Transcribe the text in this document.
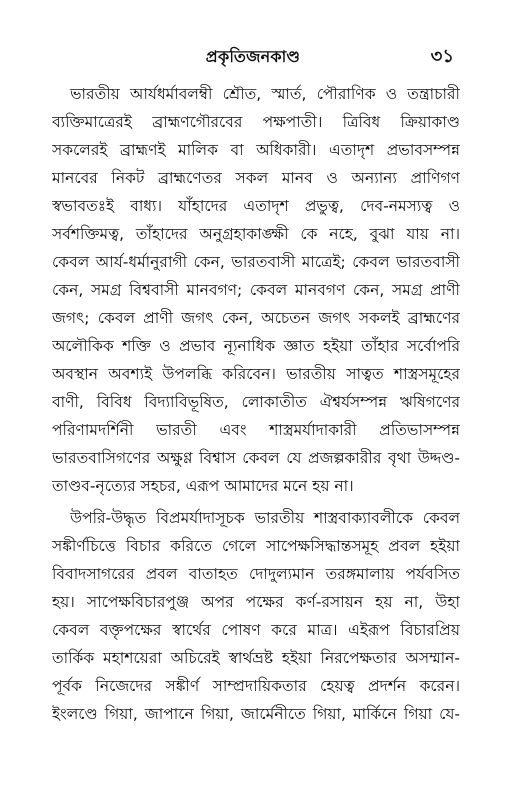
প্রকৃতিজনকাণ্ড	৩১
ভারতীয় আর্যধর্মাবলম্বী শ্রৌত, স্মার্ত, পৌরাণিক ও তন্ত্রাচারী
ব্যক্তিমাত্রেরই ব্রাহ্মণগৌরবের পক্ষপাতী। ত্রিবিধ ক্রিয়াকাণ্ড
সকলেরই ব্রাহ্মণই মালিক বা অধিকারী। এতাদৃশ প্রভাবসম্পন্ন
মানবের নিকট ব্রাহ্মণেতর সকল মানব ও অন্যান্য প্রাণিগণ
স্বভাবতঃই বাধ্য। যাঁহাদের এতাদৃশ প্রভুত্ব, দেব-নমস্যত্ব ও
সর্বশক্তিমত্ব, তাঁহাদের অনুগ্রহাকাঙ্ক্ষী কে নহে, বুঝা যায় না।
কেবল আর্য-ধর্মানুরাগী কেন, ভারতবাসী মাত্রেই; কেবল ভারতবাসী
কেন, সমগ্র বিশ্ববাসী মানবগণ; কেবল মানবগণ কেন, সমগ্র প্রাণী
জগৎ; কেবল প্রাণী জগৎ কেন, অচেতন জগৎ সকলই ব্রাহ্মণের
অলৌকিক শক্তি ও প্রভাব ন্যূনাধিক জ্ঞাত হইয়া তাঁহার সর্বোপরি
অবস্থান অবশ্যই উপলব্ধি করিবেন। ভারতীয় সাত্বত শাস্ত্রসমূহের
বাণী, বিবিধ বিদ্যাবিভূষিত, লোকাতীত ঐশ্বর্যসম্পন্ন ঋষিগণের
পরিণামদর্শিনী ভারতী এবং শাস্ত্রমর্যাদাকারী প্রতিভাসম্পন্ন
ভারতবাসিগণের অক্ষুণ্ণ বিশ্বাস কেবল যে প্রজল্পকারীর বৃথা উদ্দণ্ড-
তাণ্ডব-নৃত্যের সহচর, এরূপ আমাদের মনে হয় না।
উপরি-উদ্ধৃত বিপ্রমর্যাদাসূচক ভারতীয় শাস্ত্রবাক্যাবলীকে কেবল
সঙ্কীর্ণচিত্তে বিচার করিতে গেলে সাপেক্ষসিদ্ধান্তসমূহ প্রবল হইয়া
বিবাদসাগরের প্রবল বাতাহত দোদুল্যমান তরঙ্গমালায় পর্যবসিত
হয়। সাপেক্ষবিচারপুঞ্জ অপর পক্ষের কর্ণ-রসায়ন হয় না, উহা
কেবল বক্তৃপক্ষের স্বার্থের পোষণ করে মাত্র। এইরূপ বিচারপ্রিয়
তার্কিক মহাশয়েরা অচিরেই স্বার্থভ্রষ্ট হইয়া নিরপেক্ষতার অসম্মান-
পূর্বক নিজেদের সঙ্কীর্ণ সাম্প্রদায়িকতার হেয়ত্ব প্রদর্শন করেন।
ইংলণ্ডে গিয়া, জাপানে গিয়া, জার্মেনীতে গিয়া, মার্কিনে গিয়া যে-
